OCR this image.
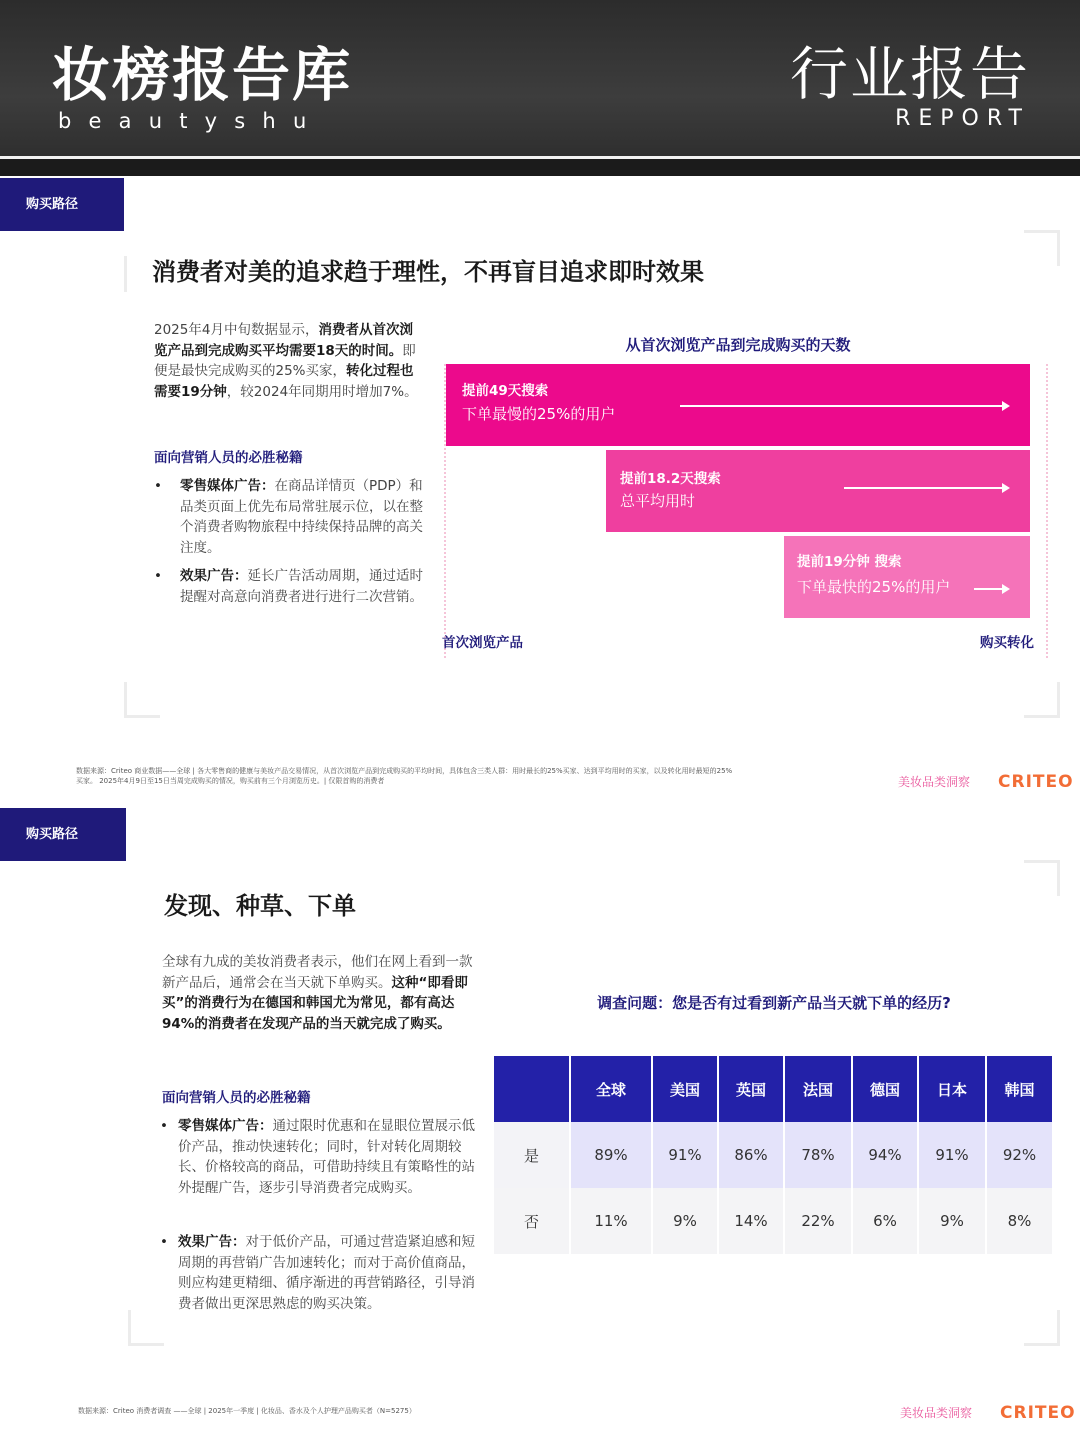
妆榜报告库
beautyshu
行业报告
REPORT
购买路径
消费者对美的追求趋于理性，不再盲目追求即时效果
2025年4月中旬数据显示，消费者从首次浏览产品到完成购买平均需要18天的时间。即便是最快完成购买的25%买家，转化过程也需要19分钟，较2024年同期用时增加7%。
面向营销人员的必胜秘籍
• 零售媒体广告：在商品详情页（PDP）和品类页面上优先布局常驻展示位，以在整个消费者购物旅程中持续保持品牌的高关注度。
• 效果广告：延长广告活动周期，通过适时提醒对高意向消费者进行进行二次营销。
从首次浏览产品到完成购买的天数
提前49天搜索
下单最慢的25%的用户
提前18.2天搜索
总平均用时
提前19分钟 搜索
下单最快的25%的用户
首次浏览产品	购买转化
数据来源：Criteo 商业数据——全球 | 各大零售商的健康与美妆产品交易情况，从首次浏览产品到完成购买的平均时间，具体包含三类人群：用时最长的25%买家、达到平均用时的买家，以及转化用时最短的25%买家。 2025年4月9日至15日当周完成购买的情况，购买前有三个月浏览历史。| 仅限首购的消费者	美妆品类洞察 CRITEO
购买路径
发现、种草、下单
全球有九成的美妆消费者表示，他们在网上看到一款新产品后，通常会在当天就下单购买。这种“即看即买”的消费行为在德国和韩国尤为常见，都有高达94%的消费者在发现产品的当天就完成了购买。
面向营销人员的必胜秘籍
• 零售媒体广告：通过限时优惠和在显眼位置展示低价产品，推动快速转化；同时，针对转化周期较长、价格较高的商品，可借助持续且有策略性的站外提醒广告，逐步引导消费者完成购买。
• 效果广告：对于低价产品，可通过营造紧迫感和短周期的再营销广告加速转化；而对于高价值商品，则应构建更精细、循序渐进的再营销路径，引导消费者做出更深思熟虑的购买决策。
调查问题：您是否有过看到新产品当天就下单的经历?
	全球	美国	英国	法国	德国	日本	韩国
是	89%	91%	86%	78%	94%	91%	92%
否	11%	9%	14%	22%	6%	9%	8%
数据来源：Criteo 消费者调查 ——全球 | 2025年一季度 | 化妆品、香水及个人护理产品购买者（N=5275）	美妆品类洞察 CRITEO
